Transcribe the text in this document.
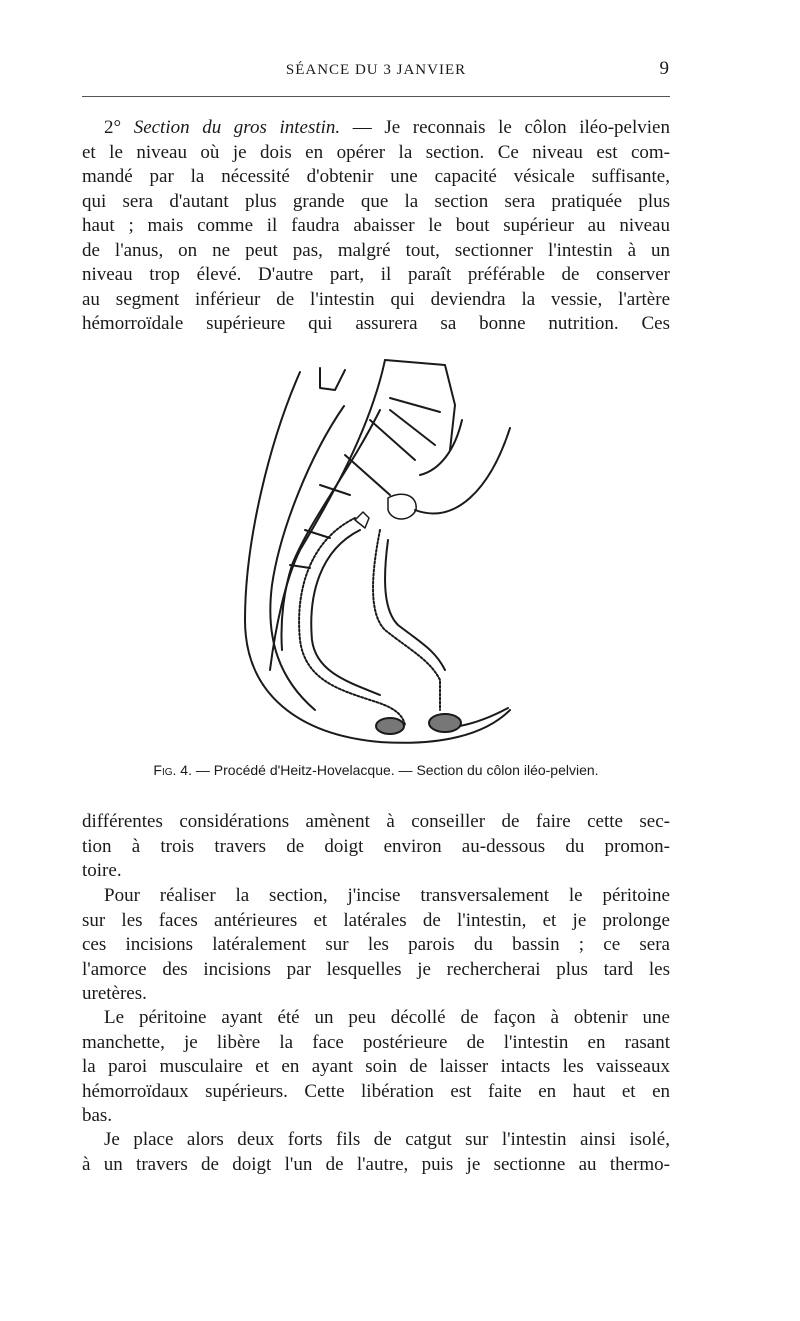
SÉANCE DU 3 JANVIER	9

2° Section du gros intestin. — Je reconnais le côlon iléo-pelvien
et le niveau où je dois en opérer la section. Ce niveau est com-
mandé par la nécessité d'obtenir une capacité vésicale suffisante,
qui sera d'autant plus grande que la section sera pratiquée plus
haut ; mais comme il faudra abaisser le bout supérieur au niveau
de l'anus, on ne peut pas, malgré tout, sectionner l'intestin à un
niveau trop élevé. D'autre part, il paraît préférable de conserver
au segment inférieur de l'intestin qui deviendra la vessie, l'artère
hémorroïdale supérieure qui assurera sa bonne nutrition. Ces

Fig. 4. — Procédé d'Heitz-Hovelacque. — Section du côlon iléo-pelvien.

différentes considérations amènent à conseiller de faire cette sec-
tion à trois travers de doigt environ au-dessous du promon-
toire.

Pour réaliser la section, j'incise transversalement le péritoine
sur les faces antérieures et latérales de l'intestin, et je prolonge
ces incisions latéralement sur les parois du bassin ; ce sera
l'amorce des incisions par lesquelles je rechercherai plus tard les
uretères.

Le péritoine ayant été un peu décollé de façon à obtenir une
manchette, je libère la face postérieure de l'intestin en rasant
la paroi musculaire et en ayant soin de laisser intacts les vaisseaux
hémorroïdaux supérieurs. Cette libération est faite en haut et en
bas.

Je place alors deux forts fils de catgut sur l'intestin ainsi isolé,
à un travers de doigt l'un de l'autre, puis je sectionne au thermo-
